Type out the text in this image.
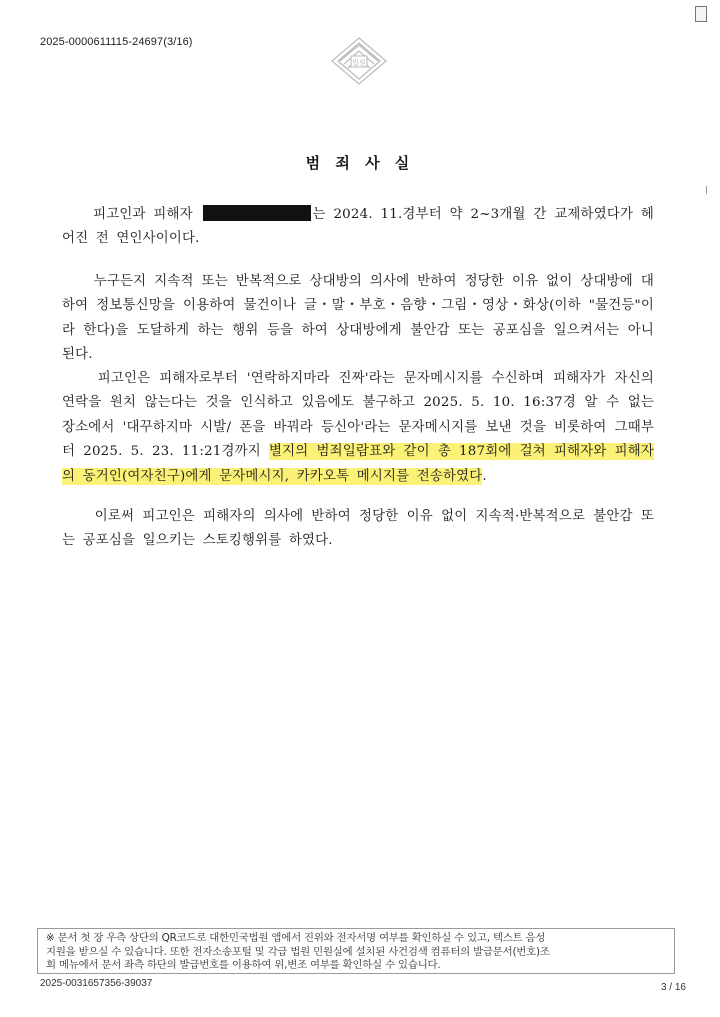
2025-0000611115-24697(3/16)
법원
범 죄 사 실
피고인과 피해자	는 2024. 11.경부터 약 2~3개월 간 교제하였다가 헤어진 전 연인사이이다.
누구든지 지속적 또는 반복적으로 상대방의 의사에 반하여 정당한 이유 없이 상대방에 대하여 정보통신망을 이용하여 물건이나 글・말・부호・음향・그림・영상・화상(이하 "물건등"이라 한다)을 도달하게 하는 행위 등을 하여 상대방에게 불안감 또는 공포심을 일으켜서는 아니 된다.
피고인은 피해자로부터 '연락하지마라 진짜'라는 문자메시지를 수신하며 피해자가 자신의 연락을 원치 않는다는 것을 인식하고 있음에도 불구하고 2025. 5. 10. 16:37경 알 수 없는 장소에서 '대꾸하지마 시발/ 폰을 바꿔라 등신아'라는 문자메시지를 보낸 것을 비롯하여 그때부터 2025. 5. 23. 11:21경까지 별지의 범죄일람표와 같이 총 187회에 걸쳐 피해자와 피해자의 동거인(여자친구)에게 문자메시지, 카카오톡 메시지를 전송하였다.
이로써 피고인은 피해자의 의사에 반하여 정당한 이유 없이 지속적·반복적으로 불안감 또는 공포심을 일으키는 스토킹행위를 하였다.
※ 문서 첫 장 우측 상단의 QR코드로 대한민국법원 앱에서 진위와 전자서명 여부를 확인하실 수 있고, 텍스트 음성
지원을 받으실 수 있습니다. 또한 전자소송포털 및 각급 법원 민원실에 설치된 사건검색 컴퓨터의 발급문서(번호)조
회 메뉴에서 문서 좌측 하단의 발급번호를 이용하여 위,변조 여부를 확인하실 수 있습니다.
2025-0031657356-39037	3 / 16
